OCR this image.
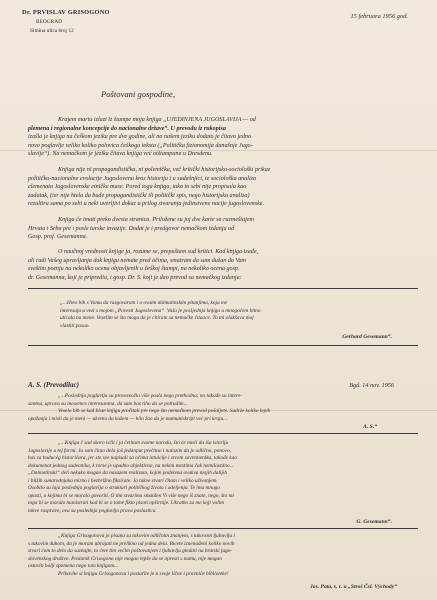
Dr. PRVISLAV GRISOGONO
BEOGRAD
Simina ulica broj 12
15 februara 1956 god.
Poštovani gospodine,
Krajem marta izlazi iz štampe moja knjiga „UJEDINJENA JUGOSLAVIJA — od
plemena i regionalne koncepcije do nacionalne države“. U prevodu iz rukopisa
izašla je knjiga na češkom jeziku pre dve godine, ali na našem jeziku dodato je čitavo jedno
novo poglavlje veliko koliko polovica češkoga teksta („Politička fizionomija današnje Jugo-
slavije“). Na nemačkom je jezika čitava knjiga već otštampana u Dresdenu.
Knjiga nije ni propagandistička, ni polemička, več kritički historijsko-sociološki prikaz
političko-nacionalne evolucije Jugoslovena kroz historiju i u sadašnjici, te sociološka analiza
elemenata Jugoslovenske etničke mase. Pored toga knjiga, tako to sebi nije propisala kao
zadatak, (ier nije htela da bude propagandistički ili politički spis, nego historijska analiza)
rezultira sama po sebi u neki uverljivi dokaz u prilog stvaranja jedinstvene nacije jugoslovenske.
Knjiga će imati preko dvesta stranica. Priložene su joj dve karte sa razmeštajem
Hrvata i Srba pre i posle turske invazije. Dodat je i predgovor nemačkom izdanju od
Gosp. prof. Gesemanna.
O naučnoj vrednosti knjige ja, rozume se, prepuštam sud kritici. Kad knjiga izađe,
ali radi Vašeg upravljanja dok knjigu nemate pred očima, smatram da sam dužan da Vam
sveštim poznju na nekoliko ocena objavljenih u češkoj štampi, na nekoliko ocena gosp.
dr. Gesemanna, koji je pripredio, i gosp. Dr. S. koji je dao prevod sa nemačkog izdanja:
„...Hteo bih s Vama da razgovaram i o ovaim dalmatinskim pitanjima, koja me
interesuju u vezi s mojom „Povesti Jugoslovena“. Vaša je posljednja knjiga u mnogočem bitno
uticala na mene. Veselim se što mogu da je citiram sa nemačke čitaoce. To mi olakšava moj
vlastiti posao.
Gerhard Gesemann“.
A. S. (Prevodilac)	Bgd. 14 nov. 1956
„...Poslednja poglavlja su provezeožla više posla nego prethodna; no takođe su intere-
santna, uprava su inosemce interesantna, da sam bas tiho da se potrudim...
Veselo bih se kad biste knjigu pročitali pre nego što nemačkom prevod pošaljete. Sadrže koliko lepih
opažanja i misli da je meni — ukreno da kažem — bilo žao da je mamuniskript već pri kraju...
A. S.“
„...Knjiga č sad skoro isčit i ja četitam svome narodu, što će moći da iša istoriju
Jugoslavije u tej formi. Ja sam čitao dela još jedanput prečitao i nalazim da je odlično, ponovo,
bas za buducég historičara, jer ste sve napisali sa očima intuicije i srcem savremenika, takođe kao
dokumenat jednog sudeonika, k torse je upadno objektivno, na nekim mestima čak nemilosrdno...
„Dalmatinski“ deli nekako mogao da nasuzem realizam, kojim podelena ovakva mojih dalijih
i bližih sunarodnjaka mirno i bezbrižno fiksirate. Ja takve stvari čitam i veliko uživanjem.
Osobito su laja poslednja poglavlja o strukturi političkog života i odeljenja. Te ima mnogo
opasti, o kojima bi se moralo govoriti. O tim stvarima smatđen Vi više nego iš znate, nego, što mi
toga bi se moralo manistrati kad bi se o tome fikto pisoti opširnije. Ukratko za me koji volim
takve rasprave, ova su poslednja poglavlja prava poslastica.
G. Gesemann“.
„Knjiga Grisogonova je pisana sa takovim odličnim znanjem, s takovom ljubavlju i
s takovim duhom, da je moram ubrajati ne prelikno od jedna dela. Bicete iznenađeni koliko novih
stvari ćam to delo da saznajte, to ćete tim većim poštovanjem i ljubavlju gledati na bratski jugo-
slovenskog društvo. Poslanik Grisogono nije mogao lepše da se opresti s namu, nije mogao
ostaviti bolji spomena nego tom knjigom...
Pribavite si knjigu Grisogonovu i postarite je u svoje lične i pravniće biblioteke!
Jos. Pata, s. r. u „Stroš Čsl. Východy“
